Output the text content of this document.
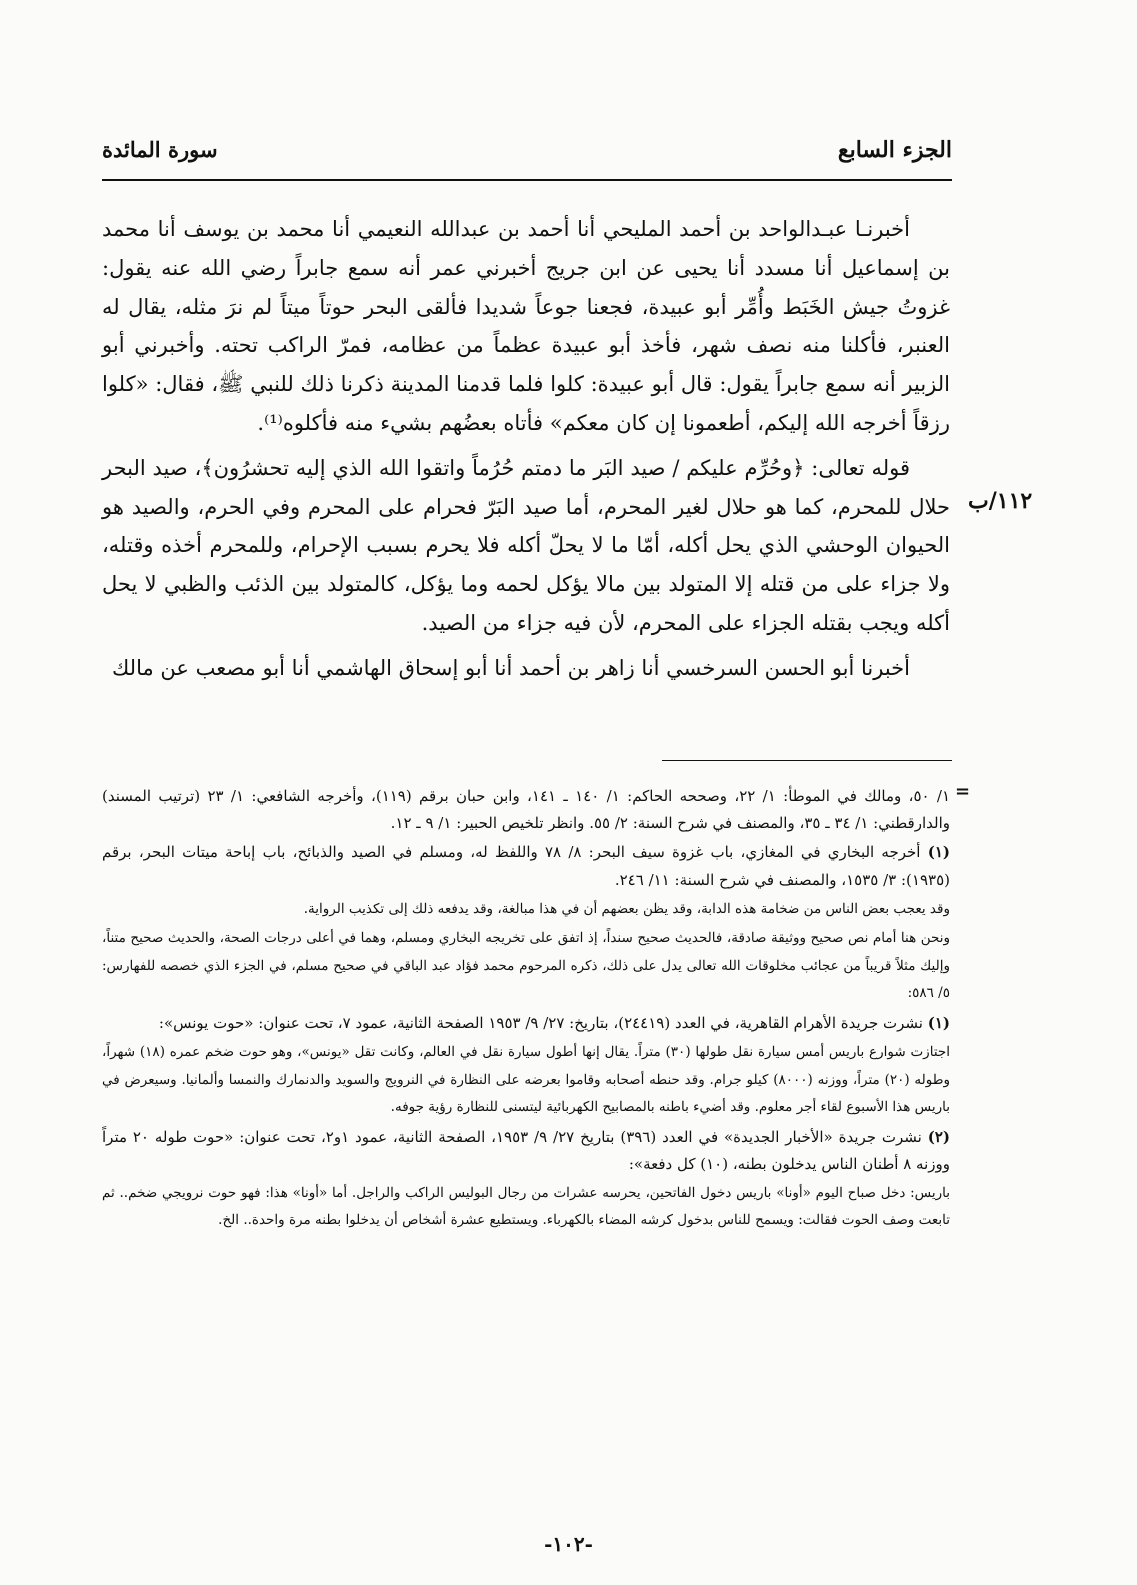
الجزء السابع
سورة المائدة
١١٢/ب

أخبرنـا عبـدالواحد بن أحمد المليحي أنا أحمد بن عبدالله النعيمي أنا محمد بن يوسف أنا محمد بن إسماعيل أنا مسدد أنا يحيى عن ابن جريج أخبرني عمر أنه سمع جابراً رضي الله عنه يقول: غزوتُ جيش الخَبَط وأُمِّر أبو عبيدة، فجعنا جوعاً شديدا فألقى البحر حوتاً ميتاً لم نرَ مثله، يقال له العنبر، فأكلنا منه نصف شهر، فأخذ أبو عبيدة عظماً من عظامه، فمرّ الراكب تحته. وأخبرني أبو الزبير أنه سمع جابراً يقول: قال أبو عبيدة: كلوا فلما قدمنا المدينة ذكرنا ذلك للنبي ﷺ، فقال: «كلوا رزقاً أخرجه الله إليكم، أطعمونا إن كان معكم» فأتاه بعضُهم بشيء منه فأكلوه⁽¹⁾.

قوله تعالى: ﴿وحُرِّم عليكم / صيد البَر ما دمتم حُرُماً واتقوا الله الذي إليه تحشرُون﴾، صيد البحر حلال للمحرم، كما هو حلال لغير المحرم، أما صيد البَرّ فحرام على المحرم وفي الحرم، والصيد هو الحيوان الوحشي الذي يحل أكله، أمّا ما لا يحلّ أكله فلا يحرم بسبب الإحرام، وللمحرم أخذه وقتله، ولا جزاء على من قتله إلا المتولد بين مالا يؤكل لحمه وما يؤكل، كالمتولد بين الذئب والظبي لا يحل أكله ويجب بقتله الجزاء على المحرم، لأن فيه جزاء من الصيد.

أخبرنا أبو الحسن السرخسي أنا زاهر بن أحمد أنا أبو إسحاق الهاشمي أنا أبو مصعب عن مالك

=

١/ ٥٠، ومالك في الموطأ: ١/ ٢٢، وصححه الحاكم: ١/ ١٤٠ ـ ١٤١، وابن حبان برقم (١١٩)، وأخرجه الشافعي: ١/ ٢٣ (ترتيب المسند) والدارقطني: ١/ ٣٤ ـ ٣٥، والمصنف في شرح السنة: ٢/ ٥٥. وانظر تلخيص الحبير: ١/ ٩ ـ ١٢.

(١) أخرجه البخاري في المغازي، باب غزوة سيف البحر: ٨/ ٧٨ واللفظ له، ومسلم في الصيد والذبائح، باب إباحة ميتات البحر، برقم (١٩٣٥): ٣/ ١٥٣٥، والمصنف في شرح السنة: ١١/ ٢٤٦.

وقد يعجب بعض الناس من ضخامة هذه الدابة، وقد يظن بعضهم أن في هذا مبالغة، وقد يدفعه ذلك إلى تكذيب الرواية.

ونحن هنا أمام نص صحيح ووثيقة صادقة، فالحديث صحيح سنداً، إذ اتفق على تخريجه البخاري ومسلم، وهما في أعلى درجات الصحة، والحديث صحيح متناً، وإليك مثلاً قريباً من عجائب مخلوقات الله تعالى يدل على ذلك، ذكره المرحوم محمد فؤاد عبد الباقي في صحيح مسلم، في الجزء الذي خصصه للفهارس: ٥/ ٥٨٦:

(١) نشرت جريدة الأهرام القاهرية، في العدد (٢٤٤١٩)، بتاريخ: ٢٧/ ٩/ ١٩٥٣ الصفحة الثانية، عمود ٧، تحت عنوان: «حوت يونس»:

اجتازت شوارع باريس أمس سيارة نقل طولها (٣٠) متراً. يقال إنها أطول سيارة نقل في العالم، وكانت تقل «يونس»، وهو حوت ضخم عمره (١٨) شهراً، وطوله (٢٠) متراً، ووزنه (٨٠٠٠) كيلو جرام. وقد حنطه أصحابه وقاموا بعرضه على النظارة في النرويج والسويد والدنمارك والنمسا وألمانيا. وسيعرض في باريس هذا الأسبوع لقاء أجر معلوم. وقد أضيء باطنه بالمصابيح الكهربائية ليتسنى للنظارة رؤية جوفه.

(٢) نشرت جريدة «الأخبار الجديدة» في العدد (٣٩٦) بتاريخ ٢٧/ ٩/ ١٩٥٣، الصفحة الثانية، عمود ١و٢، تحت عنوان: «حوت طوله ٢٠ متراً ووزنه ٨ أطنان الناس يدخلون بطنه، (١٠) كل دفعة»:

باريس: دخل صباح اليوم «أونا» باريس دخول الفاتحين، يحرسه عشرات من رجال البوليس الراكب والراجل. أما «أونا» هذا: فهو حوت نرويجي ضخم.. ثم تابعت وصف الحوت فقالت: ويسمح للناس بدخول كرشه المضاء بالكهرباء. ويستطيع عشرة أشخاص أن يدخلوا بطنه مرة واحدة.. الخ.

-١٠٢-
